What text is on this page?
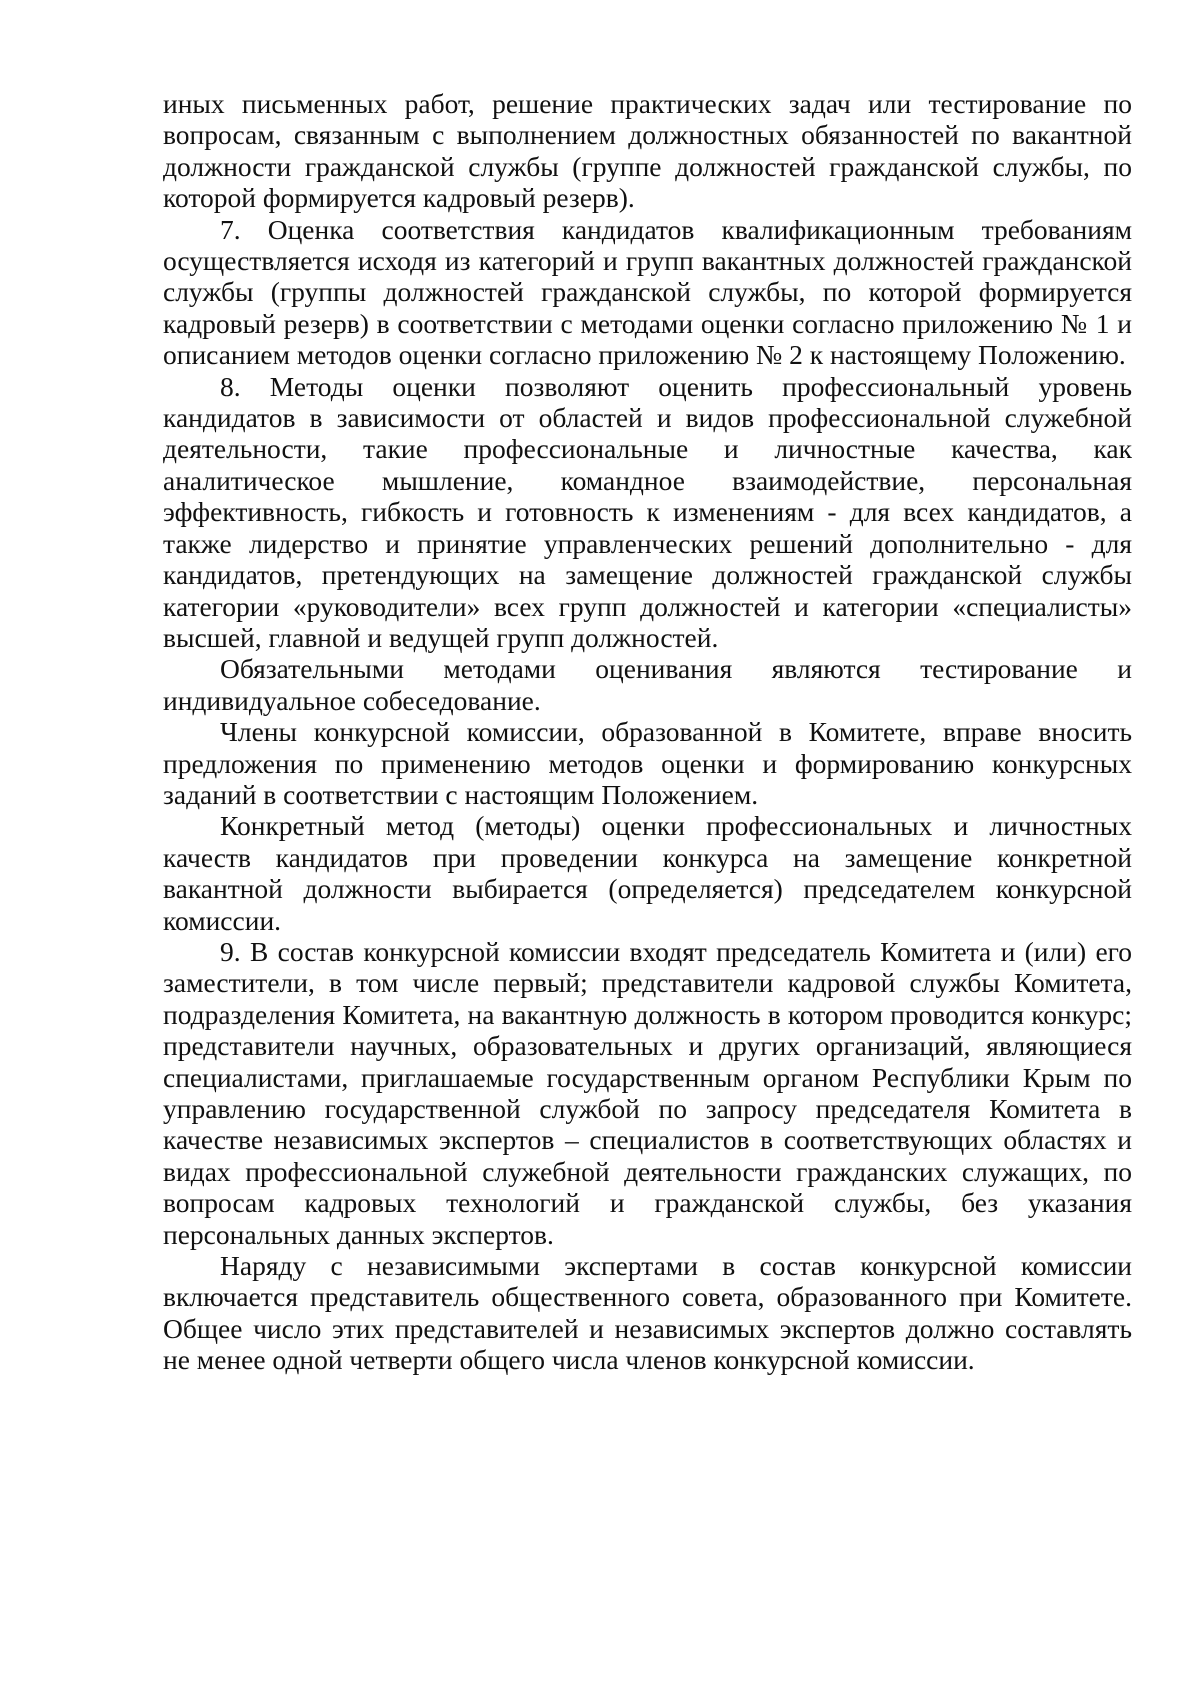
иных письменных работ, решение практических задач или тестирование по вопросам, связанным с выполнением должностных обязанностей по вакантной должности гражданской службы (группе должностей гражданской службы, по которой формируется кадровый резерв).

7. Оценка соответствия кандидатов квалификационным требованиям осуществляется исходя из категорий и групп вакантных должностей гражданской службы (группы должностей гражданской службы, по которой формируется кадровый резерв) в соответствии с методами оценки согласно приложению № 1 и описанием методов оценки согласно приложению № 2 к настоящему Положению.

8. Методы оценки позволяют оценить профессиональный уровень кандидатов в зависимости от областей и видов профессиональной служебной деятельности, такие профессиональные и личностные качества, как аналитическое мышление, командное взаимодействие, персональная эффективность, гибкость и готовность к изменениям - для всех кандидатов, а также лидерство и принятие управленческих решений дополнительно - для кандидатов, претендующих на замещение должностей гражданской службы категории «руководители» всех групп должностей и категории «специалисты» высшей, главной и ведущей групп должностей.

Обязательными методами оценивания являются тестирование и индивидуальное собеседование.

Члены конкурсной комиссии, образованной в Комитете, вправе вносить предложения по применению методов оценки и формированию конкурсных заданий в соответствии с настоящим Положением.

Конкретный метод (методы) оценки профессиональных и личностных качеств кандидатов при проведении конкурса на замещение конкретной вакантной должности выбирается (определяется) председателем конкурсной комиссии.

9. В состав конкурсной комиссии входят председатель Комитета и (или) его заместители, в том числе первый; представители кадровой службы Комитета, подразделения Комитета, на вакантную должность в котором проводится конкурс; представители научных, образовательных и других организаций, являющиеся специалистами, приглашаемые государственным органом Республики Крым по управлению государственной службой по запросу председателя Комитета в качестве независимых экспертов – специалистов в соответствующих областях и видах профессиональной служебной деятельности гражданских служащих, по вопросам кадровых технологий и гражданской службы, без указания персональных данных экспертов.

Наряду с независимыми экспертами в состав конкурсной комиссии включается представитель общественного совета, образованного при Комитете. Общее число этих представителей и независимых экспертов должно составлять не менее одной четверти общего числа членов конкурсной комиссии.
